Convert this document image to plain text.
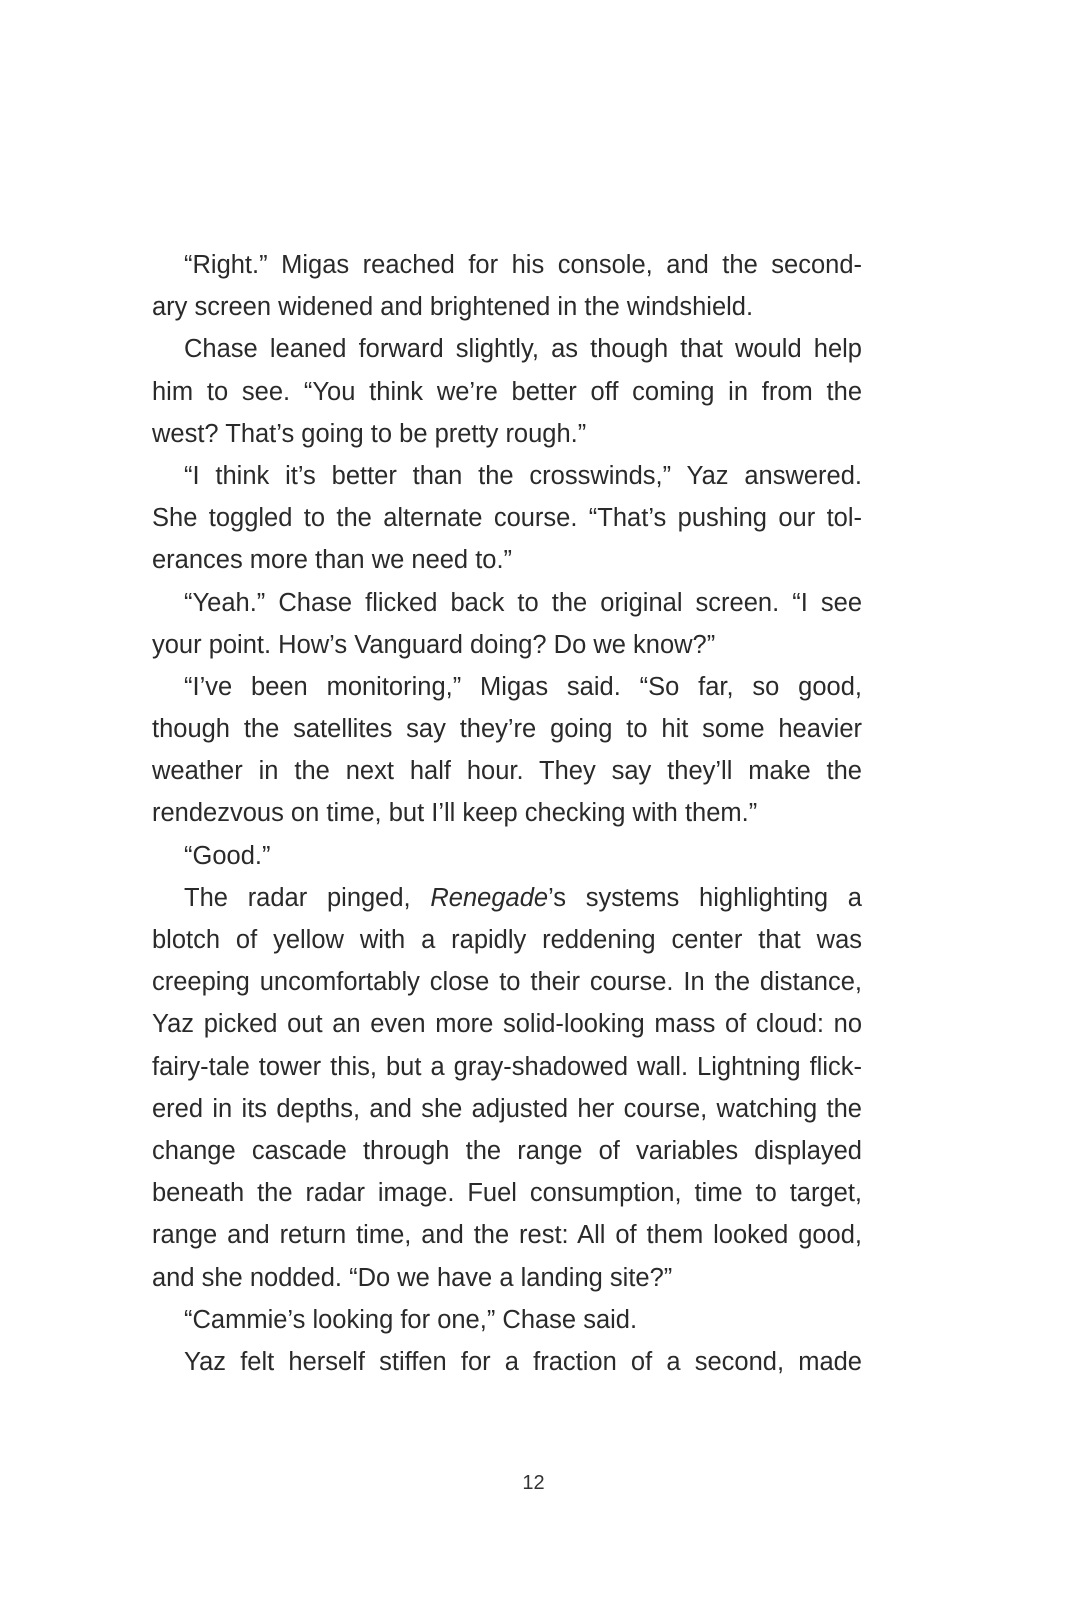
“Right.” Migas reached for his console, and the second-
ary screen widened and brightened in the windshield.
Chase leaned forward slightly, as though that would help
him to see. “You think we’re better off coming in from the
west? That’s going to be pretty rough.”
“I think it’s better than the crosswinds,” Yaz answered.
She toggled to the alternate course. “That’s pushing our tol-
erances more than we need to.”
“Yeah.” Chase flicked back to the original screen. “I see
your point. How’s Vanguard doing? Do we know?”
“I’ve been monitoring,” Migas said. “So far, so good,
though the satellites say they’re going to hit some heavier
weather in the next half hour. They say they’ll make the
rendezvous on time, but I’ll keep checking with them.”
“Good.”
The radar pinged, Renegade’s systems highlighting a
blotch of yellow with a rapidly reddening center that was
creeping uncomfortably close to their course. In the distance,
Yaz picked out an even more solid-looking mass of cloud: no
fairy-tale tower this, but a gray-shadowed wall. Lightning flick-
ered in its depths, and she adjusted her course, watching the
change cascade through the range of variables displayed
beneath the radar image. Fuel consumption, time to target,
range and return time, and the rest: All of them looked good,
and she nodded. “Do we have a landing site?”
“Cammie’s looking for one,” Chase said.
Yaz felt herself stiffen for a fraction of a second, made
12
